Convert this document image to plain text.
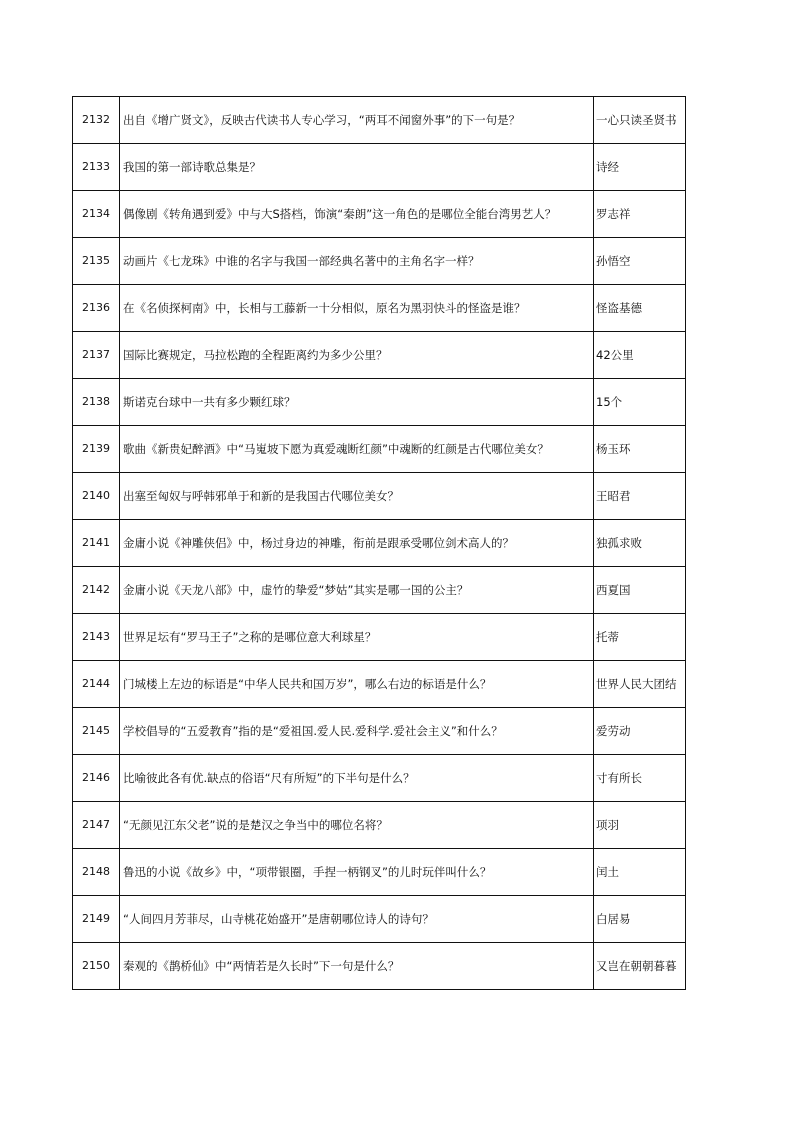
2132	出自《增广贤文》，反映古代读书人专心学习，“两耳不闻窗外事”的下一句是？	一心只读圣贤书
2133	我国的第一部诗歌总集是？	诗经
2134	偶像剧《转角遇到爱》中与大S搭档，饰演“秦朗”这一角色的是哪位全能台湾男艺人？	罗志祥
2135	动画片《七龙珠》中谁的名字与我国一部经典名著中的主角名字一样？	孙悟空
2136	在《名侦探柯南》中，长相与工藤新一十分相似，原名为黑羽快斗的怪盗是谁？	怪盗基德
2137	国际比赛规定，马拉松跑的全程距离约为多少公里？	42公里
2138	斯诺克台球中一共有多少颗红球？	15个
2139	歌曲《新贵妃醉酒》中“马嵬坡下愿为真爱魂断红颜”中魂断的红颜是古代哪位美女？	杨玉环
2140	出塞至匈奴与呼韩邪单于和新的是我国古代哪位美女？	王昭君
2141	金庸小说《神雕侠侣》中，杨过身边的神雕，衔前是跟承受哪位剑术高人的？	独孤求败
2142	金庸小说《天龙八部》中，虚竹的挚爱“梦姑”其实是哪一国的公主？	西夏国
2143	世界足坛有“罗马王子”之称的是哪位意大利球星？	托蒂
2144	门城楼上左边的标语是“中华人民共和国万岁”，哪么右边的标语是什么？	世界人民大团结
2145	学校倡导的“五爱教育”指的是“爱祖国.爱人民.爱科学.爱社会主义”和什么？	爱劳动
2146	比喻彼此各有优.缺点的俗语“尺有所短”的下半句是什么？	寸有所长
2147	“无颜见江东父老”说的是楚汉之争当中的哪位名将？	项羽
2148	鲁迅的小说《故乡》中，“项带银圈，手捏一柄钢叉”的儿时玩伴叫什么？	闰土
2149	“人间四月芳菲尽，山寺桃花始盛开”是唐朝哪位诗人的诗句？	白居易
2150	秦观的《鹊桥仙》中“两情若是久长时”下一句是什么？	又岂在朝朝暮暮
